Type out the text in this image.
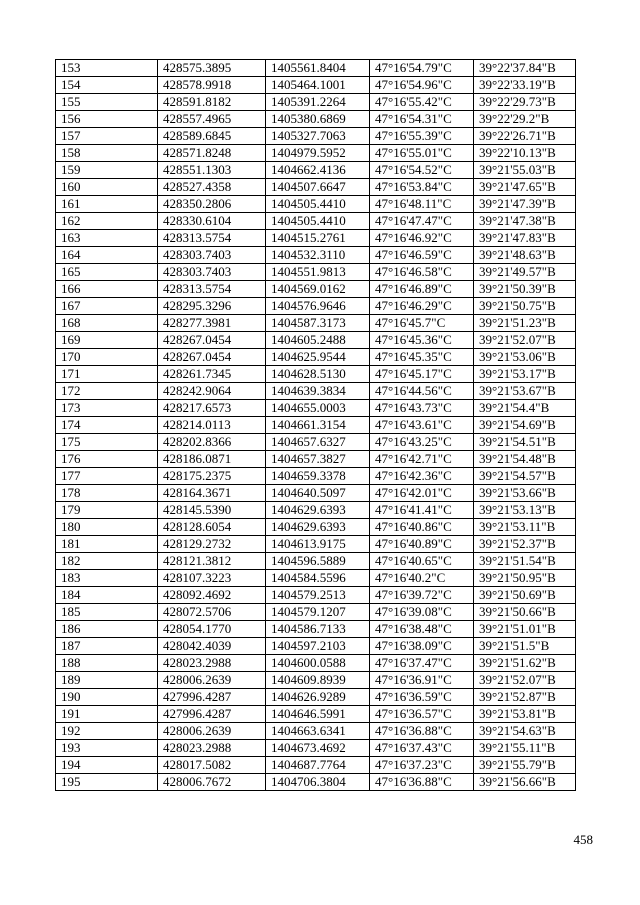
153	428575.3895	1405561.8404	47°16'54.79"С	39°22'37.84"В
154	428578.9918	1405464.1001	47°16'54.96"С	39°22'33.19"В
155	428591.8182	1405391.2264	47°16'55.42"С	39°22'29.73"В
156	428557.4965	1405380.6869	47°16'54.31"С	39°22'29.2"В
157	428589.6845	1405327.7063	47°16'55.39"С	39°22'26.71"В
158	428571.8248	1404979.5952	47°16'55.01"С	39°22'10.13"В
159	428551.1303	1404662.4136	47°16'54.52"С	39°21'55.03"В
160	428527.4358	1404507.6647	47°16'53.84"С	39°21'47.65"В
161	428350.2806	1404505.4410	47°16'48.11"С	39°21'47.39"В
162	428330.6104	1404505.4410	47°16'47.47"С	39°21'47.38"В
163	428313.5754	1404515.2761	47°16'46.92"С	39°21'47.83"В
164	428303.7403	1404532.3110	47°16'46.59"С	39°21'48.63"В
165	428303.7403	1404551.9813	47°16'46.58"С	39°21'49.57"В
166	428313.5754	1404569.0162	47°16'46.89"С	39°21'50.39"В
167	428295.3296	1404576.9646	47°16'46.29"С	39°21'50.75"В
168	428277.3981	1404587.3173	47°16'45.7"С	39°21'51.23"В
169	428267.0454	1404605.2488	47°16'45.36"С	39°21'52.07"В
170	428267.0454	1404625.9544	47°16'45.35"С	39°21'53.06"В
171	428261.7345	1404628.5130	47°16'45.17"С	39°21'53.17"В
172	428242.9064	1404639.3834	47°16'44.56"С	39°21'53.67"В
173	428217.6573	1404655.0003	47°16'43.73"С	39°21'54.4"В
174	428214.0113	1404661.3154	47°16'43.61"С	39°21'54.69"В
175	428202.8366	1404657.6327	47°16'43.25"С	39°21'54.51"В
176	428186.0871	1404657.3827	47°16'42.71"С	39°21'54.48"В
177	428175.2375	1404659.3378	47°16'42.36"С	39°21'54.57"В
178	428164.3671	1404640.5097	47°16'42.01"С	39°21'53.66"В
179	428145.5390	1404629.6393	47°16'41.41"С	39°21'53.13"В
180	428128.6054	1404629.6393	47°16'40.86"С	39°21'53.11"В
181	428129.2732	1404613.9175	47°16'40.89"С	39°21'52.37"В
182	428121.3812	1404596.5889	47°16'40.65"С	39°21'51.54"В
183	428107.3223	1404584.5596	47°16'40.2"С	39°21'50.95"В
184	428092.4692	1404579.2513	47°16'39.72"С	39°21'50.69"В
185	428072.5706	1404579.1207	47°16'39.08"С	39°21'50.66"В
186	428054.1770	1404586.7133	47°16'38.48"С	39°21'51.01"В
187	428042.4039	1404597.2103	47°16'38.09"С	39°21'51.5"В
188	428023.2988	1404600.0588	47°16'37.47"С	39°21'51.62"В
189	428006.2639	1404609.8939	47°16'36.91"С	39°21'52.07"В
190	427996.4287	1404626.9289	47°16'36.59"С	39°21'52.87"В
191	427996.4287	1404646.5991	47°16'36.57"С	39°21'53.81"В
192	428006.2639	1404663.6341	47°16'36.88"С	39°21'54.63"В
193	428023.2988	1404673.4692	47°16'37.43"С	39°21'55.11"В
194	428017.5082	1404687.7764	47°16'37.23"С	39°21'55.79"В
195	428006.7672	1404706.3804	47°16'36.88"С	39°21'56.66"В
458
